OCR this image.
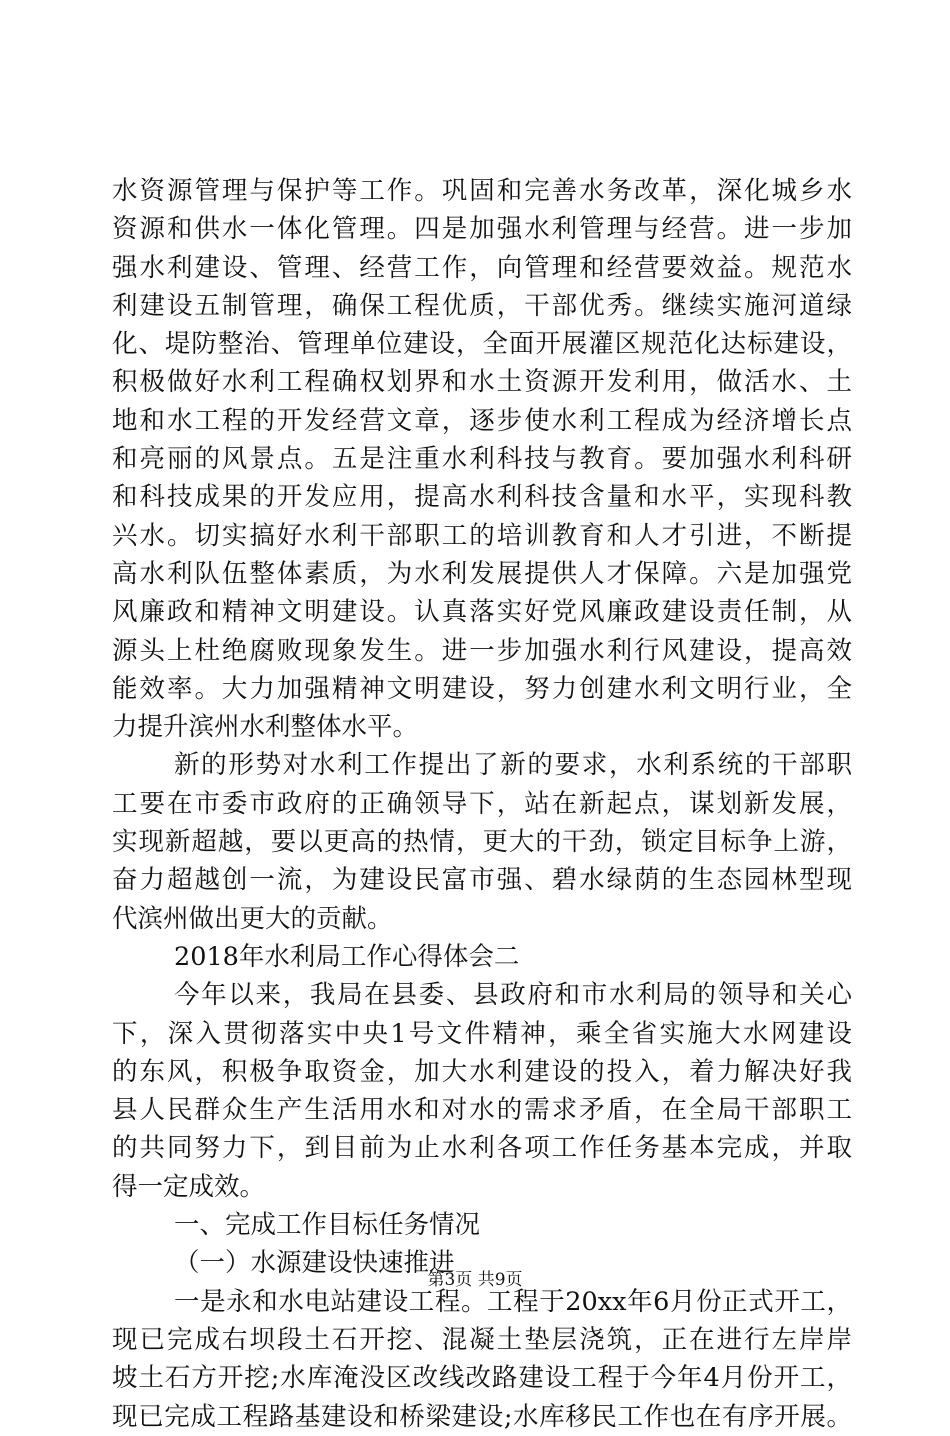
水资源管理与保护等工作。巩固和完善水务改革，深化城乡水
资源和供水一体化管理。四是加强水利管理与经营。进一步加
强水利建设、管理、经营工作，向管理和经营要效益。规范水
利建设五制管理，确保工程优质，干部优秀。继续实施河道绿
化、堤防整治、管理单位建设，全面开展灌区规范化达标建设，
积极做好水利工程确权划界和水土资源开发利用，做活水、土
地和水工程的开发经营文章，逐步使水利工程成为经济增长点
和亮丽的风景点。五是注重水利科技与教育。要加强水利科研
和科技成果的开发应用，提高水利科技含量和水平，实现科教
兴水。切实搞好水利干部职工的培训教育和人才引进，不断提
高水利队伍整体素质，为水利发展提供人才保障。六是加强党
风廉政和精神文明建设。认真落实好党风廉政建设责任制，从
源头上杜绝腐败现象发生。进一步加强水利行风建设，提高效
能效率。大力加强精神文明建设，努力创建水利文明行业，全
力提升滨州水利整体水平。
新的形势对水利工作提出了新的要求，水利系统的干部职
工要在市委市政府的正确领导下，站在新起点，谋划新发展，
实现新超越，要以更高的热情，更大的干劲，锁定目标争上游，
奋力超越创一流，为建设民富市强、碧水绿荫的生态园林型现
代滨州做出更大的贡献。
2018年水利局工作心得体会二
今年以来，我局在县委、县政府和市水利局的领导和关心
下，深入贯彻落实中央1号文件精神，乘全省实施大水网建设
的东风，积极争取资金，加大水利建设的投入，着力解决好我
县人民群众生产生活用水和对水的需求矛盾，在全局干部职工
的共同努力下，到目前为止水利各项工作任务基本完成，并取
得一定成效。
一、完成工作目标任务情况
（一）水源建设快速推进
一是永和水电站建设工程。工程于20xx年6月份正式开工，
现已完成右坝段土石开挖、混凝土垫层浇筑，正在进行左岸岸
坡土石方开挖;水库淹没区改线改路建设工程于今年4月份开工，
现已完成工程路基建设和桥梁建设;水库移民工作也在有序开展。
第3页 共9页
